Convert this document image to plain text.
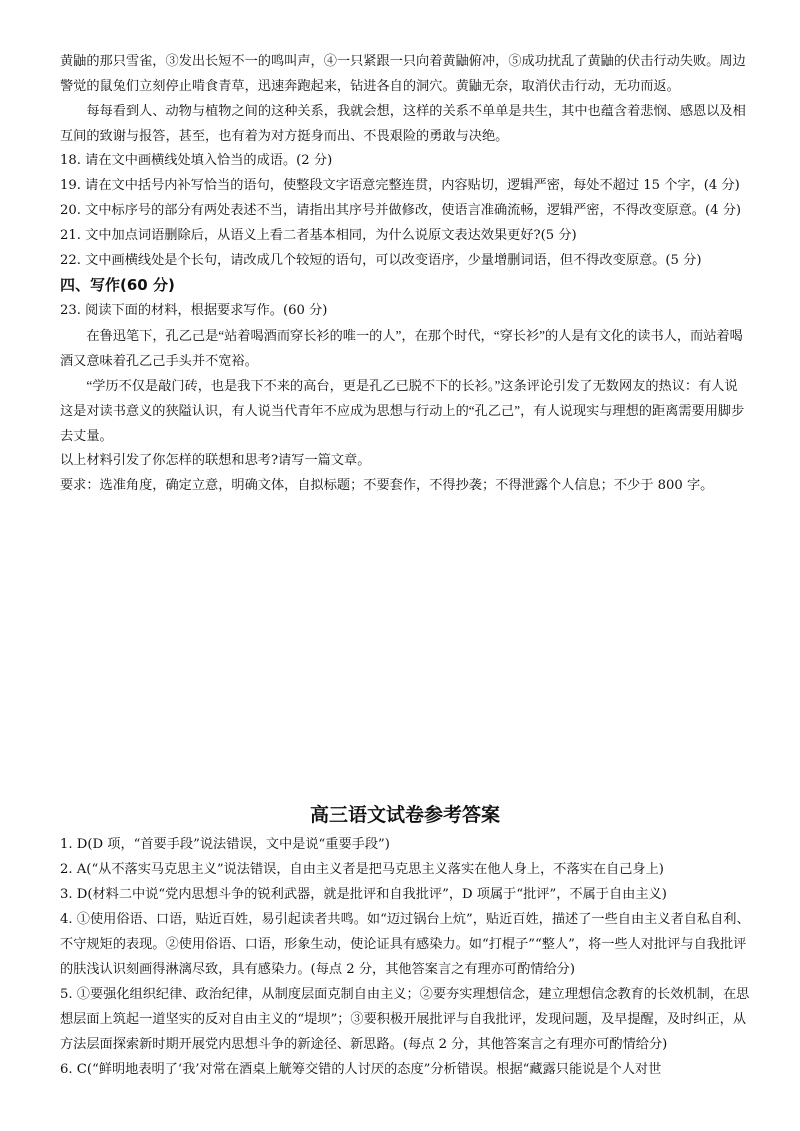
黄鼬的那只雪雀，③发出长短不一的鸣叫声，④一只紧跟一只向着黄鼬俯冲，⑤成功扰乱了黄鼬的伏击行动失败。周边警觉的鼠兔们立刻停止啃食青草，迅速奔跑起来，钻进各自的洞穴。黄鼬无奈，取消伏击行动，无功而返。

每每看到人、动物与植物之间的这种关系，我就会想，这样的关系不单单是共生，其中也蕴含着悲悯、感恩以及相互间的致谢与报答，甚至，也有着为对方挺身而出、不畏艰险的勇敢与决绝。

18. 请在文中画横线处填入恰当的成语。(2 分)

19. 请在文中括号内补写恰当的语句，使整段文字语意完整连贯，内容贴切，逻辑严密，每处不超过 15 个字，(4 分)

20. 文中标序号的部分有两处表述不当，请指出其序号并做修改，使语言准确流畅，逻辑严密，不得改变原意。(4 分)

21. 文中加点词语删除后，从语义上看二者基本相同，为什么说原文表达效果更好?(5 分)

22. 文中画横线处是个长句，请改成几个较短的语句，可以改变语序，少量增删词语，但不得改变原意。(5 分)

四、写作(60 分)

23. 阅读下面的材料，根据要求写作。(60 分)

在鲁迅笔下，孔乙己是“站着喝酒而穿长衫的唯一的人”，在那个时代，“穿长衫”的人是有文化的读书人，而站着喝酒又意味着孔乙己手头并不宽裕。

“学历不仅是敲门砖，也是我下不来的高台，更是孔乙已脱不下的长衫。”这条评论引发了无数网友的热议：有人说这是对读书意义的狭隘认识，有人说当代青年不应成为思想与行动上的“孔乙己”，有人说现实与理想的距离需要用脚步去丈量。

以上材料引发了你怎样的联想和思考?请写一篇文章。

要求：选准角度，确定立意，明确文体，自拟标题；不要套作，不得抄袭；不得泄露个人信息；不少于 800 字。

高三语文试卷参考答案

1. D(D 项，“首要手段”说法错误，文中是说“重要手段”)

2. A(“从不落实马克思主义”说法错误，自由主义者是把马克思主义落实在他人身上，不落实在自己身上)

3. D(材料二中说“党内思想斗争的锐利武器，就是批评和自我批评”，D 项属于“批评”，不属于自由主义)

4. ①使用俗语、口语，贴近百姓，易引起读者共鸣。如“迈过锅台上炕”，贴近百姓，描述了一些自由主义者自私自利、不守规矩的表现。②使用俗语、口语，形象生动，使论证具有感染力。如“打棍子”“整人”，将一些人对批评与自我批评的肤浅认识刻画得淋漓尽致，具有感染力。(每点 2 分，其他答案言之有理亦可酌情给分)

5. ①要强化组织纪律、政治纪律，从制度层面克制自由主义；②要夯实理想信念，建立理想信念教育的长效机制，在思想层面上筑起一道坚实的反对自由主义的“堤坝”；③要积极开展批评与自我批评，发现问题，及早提醒，及时纠正，从方法层面探索新时期开展党内思想斗争的新途径、新思路。(每点 2 分，其他答案言之有理亦可酌情给分)

6. C(“鲜明地表明了‘我’对常在酒桌上觥筹交错的人讨厌的态度”分析错误。根据“藏露只能说是个人对世
